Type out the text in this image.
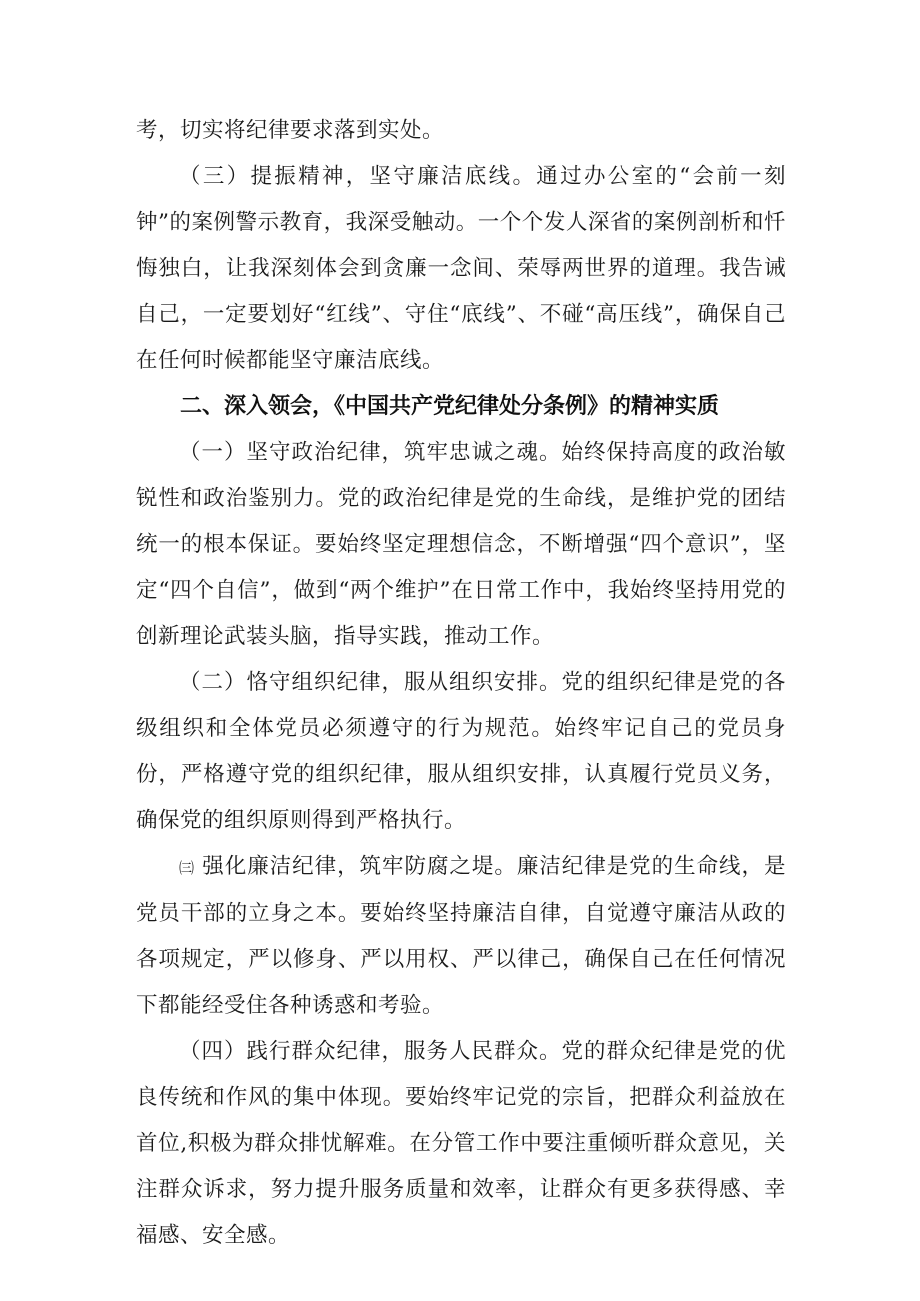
考，切实将纪律要求落到实处。

（三）提振精神，坚守廉洁底线。通过办公室的“会前一刻钟”的案例警示教育，我深受触动。一个个发人深省的案例剖析和忏悔独白，让我深刻体会到贪廉一念间、荣辱两世界的道理。我告诫自己，一定要划好“红线”、守住“底线”、不碰“高压线”，确保自己在任何时候都能坚守廉洁底线。

二、深入领会，《中国共产党纪律处分条例》的精神实质

（一）坚守政治纪律，筑牢忠诚之魂。始终保持高度的政治敏锐性和政治鉴别力。党的政治纪律是党的生命线，是维护党的团结统一的根本保证。要始终坚定理想信念，不断增强“四个意识”，坚定“四个自信”，做到“两个维护”在日常工作中，我始终坚持用党的创新理论武装头脑，指导实践，推动工作。

（二）恪守组织纪律，服从组织安排。党的组织纪律是党的各级组织和全体党员必须遵守的行为规范。始终牢记自己的党员身份，严格遵守党的组织纪律，服从组织安排，认真履行党员义务，确保党的组织原则得到严格执行。

㈢ 强化廉洁纪律，筑牢防腐之堤。廉洁纪律是党的生命线，是党员干部的立身之本。要始终坚持廉洁自律，自觉遵守廉洁从政的各项规定，严以修身、严以用权、严以律己，确保自己在任何情况下都能经受住各种诱惑和考验。

（四）践行群众纪律，服务人民群众。党的群众纪律是党的优良传统和作风的集中体现。要始终牢记党的宗旨，把群众利益放在首位,积极为群众排忧解难。在分管工作中要注重倾听群众意见，关注群众诉求，努力提升服务质量和效率，让群众有更多获得感、幸福感、安全感。
